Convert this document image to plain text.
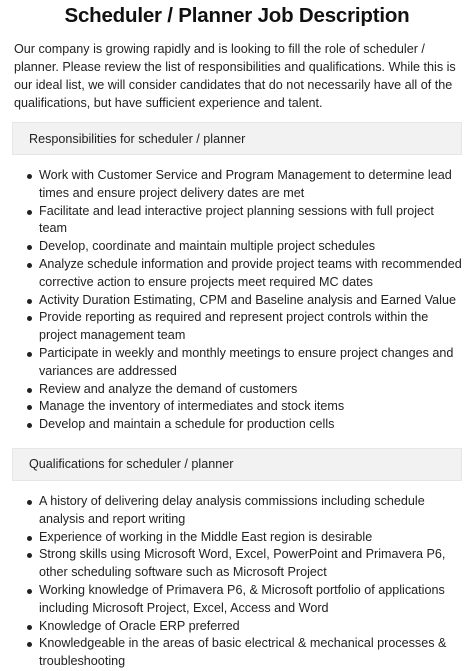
Scheduler / Planner Job Description

Our company is growing rapidly and is looking to fill the role of scheduler / planner. Please review the list of responsibilities and qualifications. While this is our ideal list, we will consider candidates that do not necessarily have all of the qualifications, but have sufficient experience and talent.

Responsibilities for scheduler / planner
Work with Customer Service and Program Management to determine lead times and ensure project delivery dates are met
Facilitate and lead interactive project planning sessions with full project team
Develop, coordinate and maintain multiple project schedules
Analyze schedule information and provide project teams with recommended corrective action to ensure projects meet required MC dates
Activity Duration Estimating, CPM and Baseline analysis and Earned Value
Provide reporting as required and represent project controls within the project management team
Participate in weekly and monthly meetings to ensure project changes and variances are addressed
Review and analyze the demand of customers
Manage the inventory of intermediates and stock items
Develop and maintain a schedule for production cells
Qualifications for scheduler / planner
A history of delivering delay analysis commissions including schedule analysis and report writing
Experience of working in the Middle East region is desirable
Strong skills using Microsoft Word, Excel, PowerPoint and Primavera P6, other scheduling software such as Microsoft Project
Working knowledge of Primavera P6, & Microsoft portfolio of applications including Microsoft Project, Excel, Access and Word
Knowledge of Oracle ERP preferred
Knowledgeable in the areas of basic electrical & mechanical processes & troubleshooting
